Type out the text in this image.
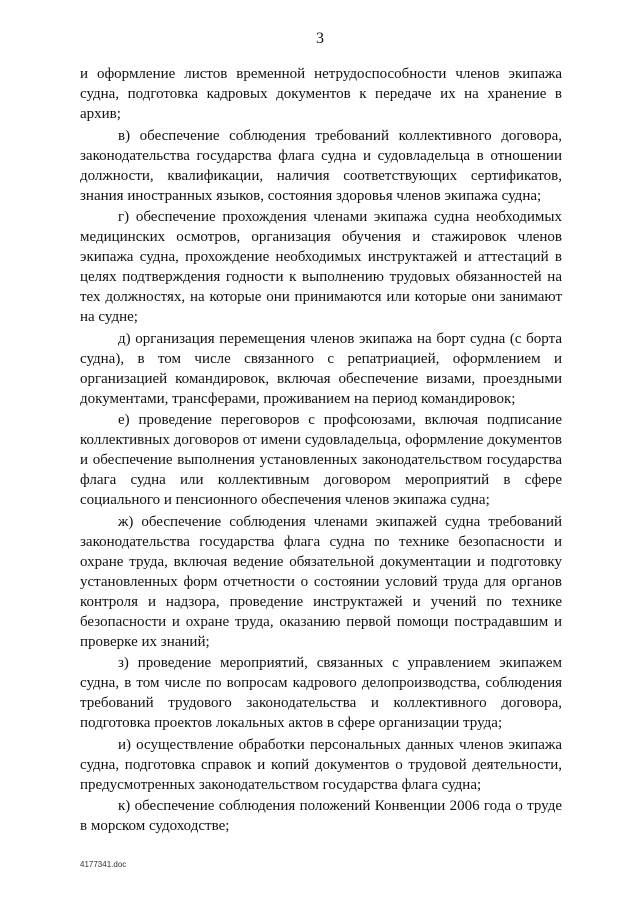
3

и оформление листов временной нетрудоспособности членов экипажа судна, подготовка кадровых документов к передаче их на хранение в архив;

в) обеспечение соблюдения требований коллективного договора, законодательства государства флага судна и судовладельца в отношении должности, квалификации, наличия соответствующих сертификатов, знания иностранных языков, состояния здоровья членов экипажа судна;

г) обеспечение прохождения членами экипажа судна необходимых медицинских осмотров, организация обучения и стажировок членов экипажа судна, прохождение необходимых инструктажей и аттестаций в целях подтверждения годности к выполнению трудовых обязанностей на тех должностях, на которые они принимаются или которые они занимают на судне;

д) организация перемещения членов экипажа на борт судна (с борта судна), в том числе связанного с репатриацией, оформлением и организацией командировок, включая обеспечение визами, проездными документами, трансферами, проживанием на период командировок;

е) проведение переговоров с профсоюзами, включая подписание коллективных договоров от имени судовладельца, оформление документов и обеспечение выполнения установленных законодательством государства флага судна или коллективным договором мероприятий в сфере социального и пенсионного обеспечения членов экипажа судна;

ж) обеспечение соблюдения членами экипажей судна требований законодательства государства флага судна по технике безопасности и охране труда, включая ведение обязательной документации и подготовку установленных форм отчетности о состоянии условий труда для органов контроля и надзора, проведение инструктажей и учений по технике безопасности и охране труда, оказанию первой помощи пострадавшим и проверке их знаний;

з) проведение мероприятий, связанных с управлением экипажем судна, в том числе по вопросам кадрового делопроизводства, соблюдения требований трудового законодательства и коллективного договора, подготовка проектов локальных актов в сфере организации труда;

и) осуществление обработки персональных данных членов экипажа судна, подготовка справок и копий документов о трудовой деятельности, предусмотренных законодательством государства флага судна;

к) обеспечение соблюдения положений Конвенции 2006 года о труде в морском судоходстве;

4177341.doc
